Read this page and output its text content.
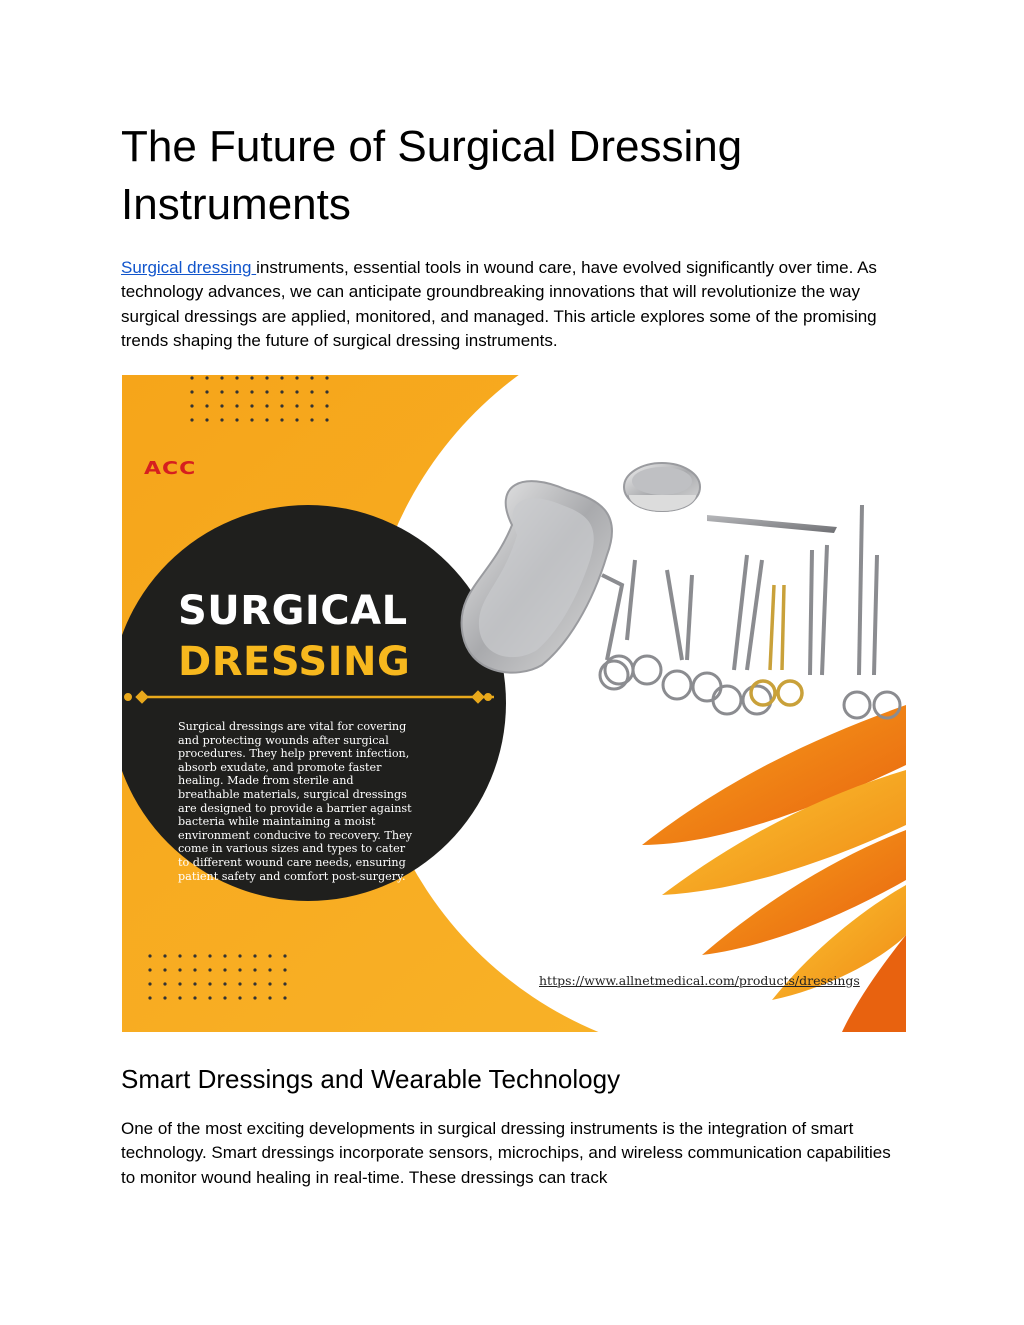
The Future of Surgical Dressing Instruments

Surgical dressing instruments, essential tools in wound care, have evolved significantly over time. As technology advances, we can anticipate groundbreaking innovations that will revolutionize the way surgical dressings are applied, monitored, and managed. This article explores some of the promising trends shaping the future of surgical dressing instruments.

ACC
SURGICAL
DRESSING

Surgical dressings are vital for covering and protecting wounds after surgical procedures. They help prevent infection, absorb exudate, and promote faster healing. Made from sterile and breathable materials, surgical dressings are designed to provide a barrier against bacteria while maintaining a moist environment conducive to recovery. They come in various sizes and types to cater to different wound care needs, ensuring patient safety and comfort post-surgery.

https://www.allnetmedical.com/products/dressings
Smart Dressings and Wearable Technology

One of the most exciting developments in surgical dressing instruments is the integration of smart technology. Smart dressings incorporate sensors, microchips, and wireless communication capabilities to monitor wound healing in real-time. These dressings can track
